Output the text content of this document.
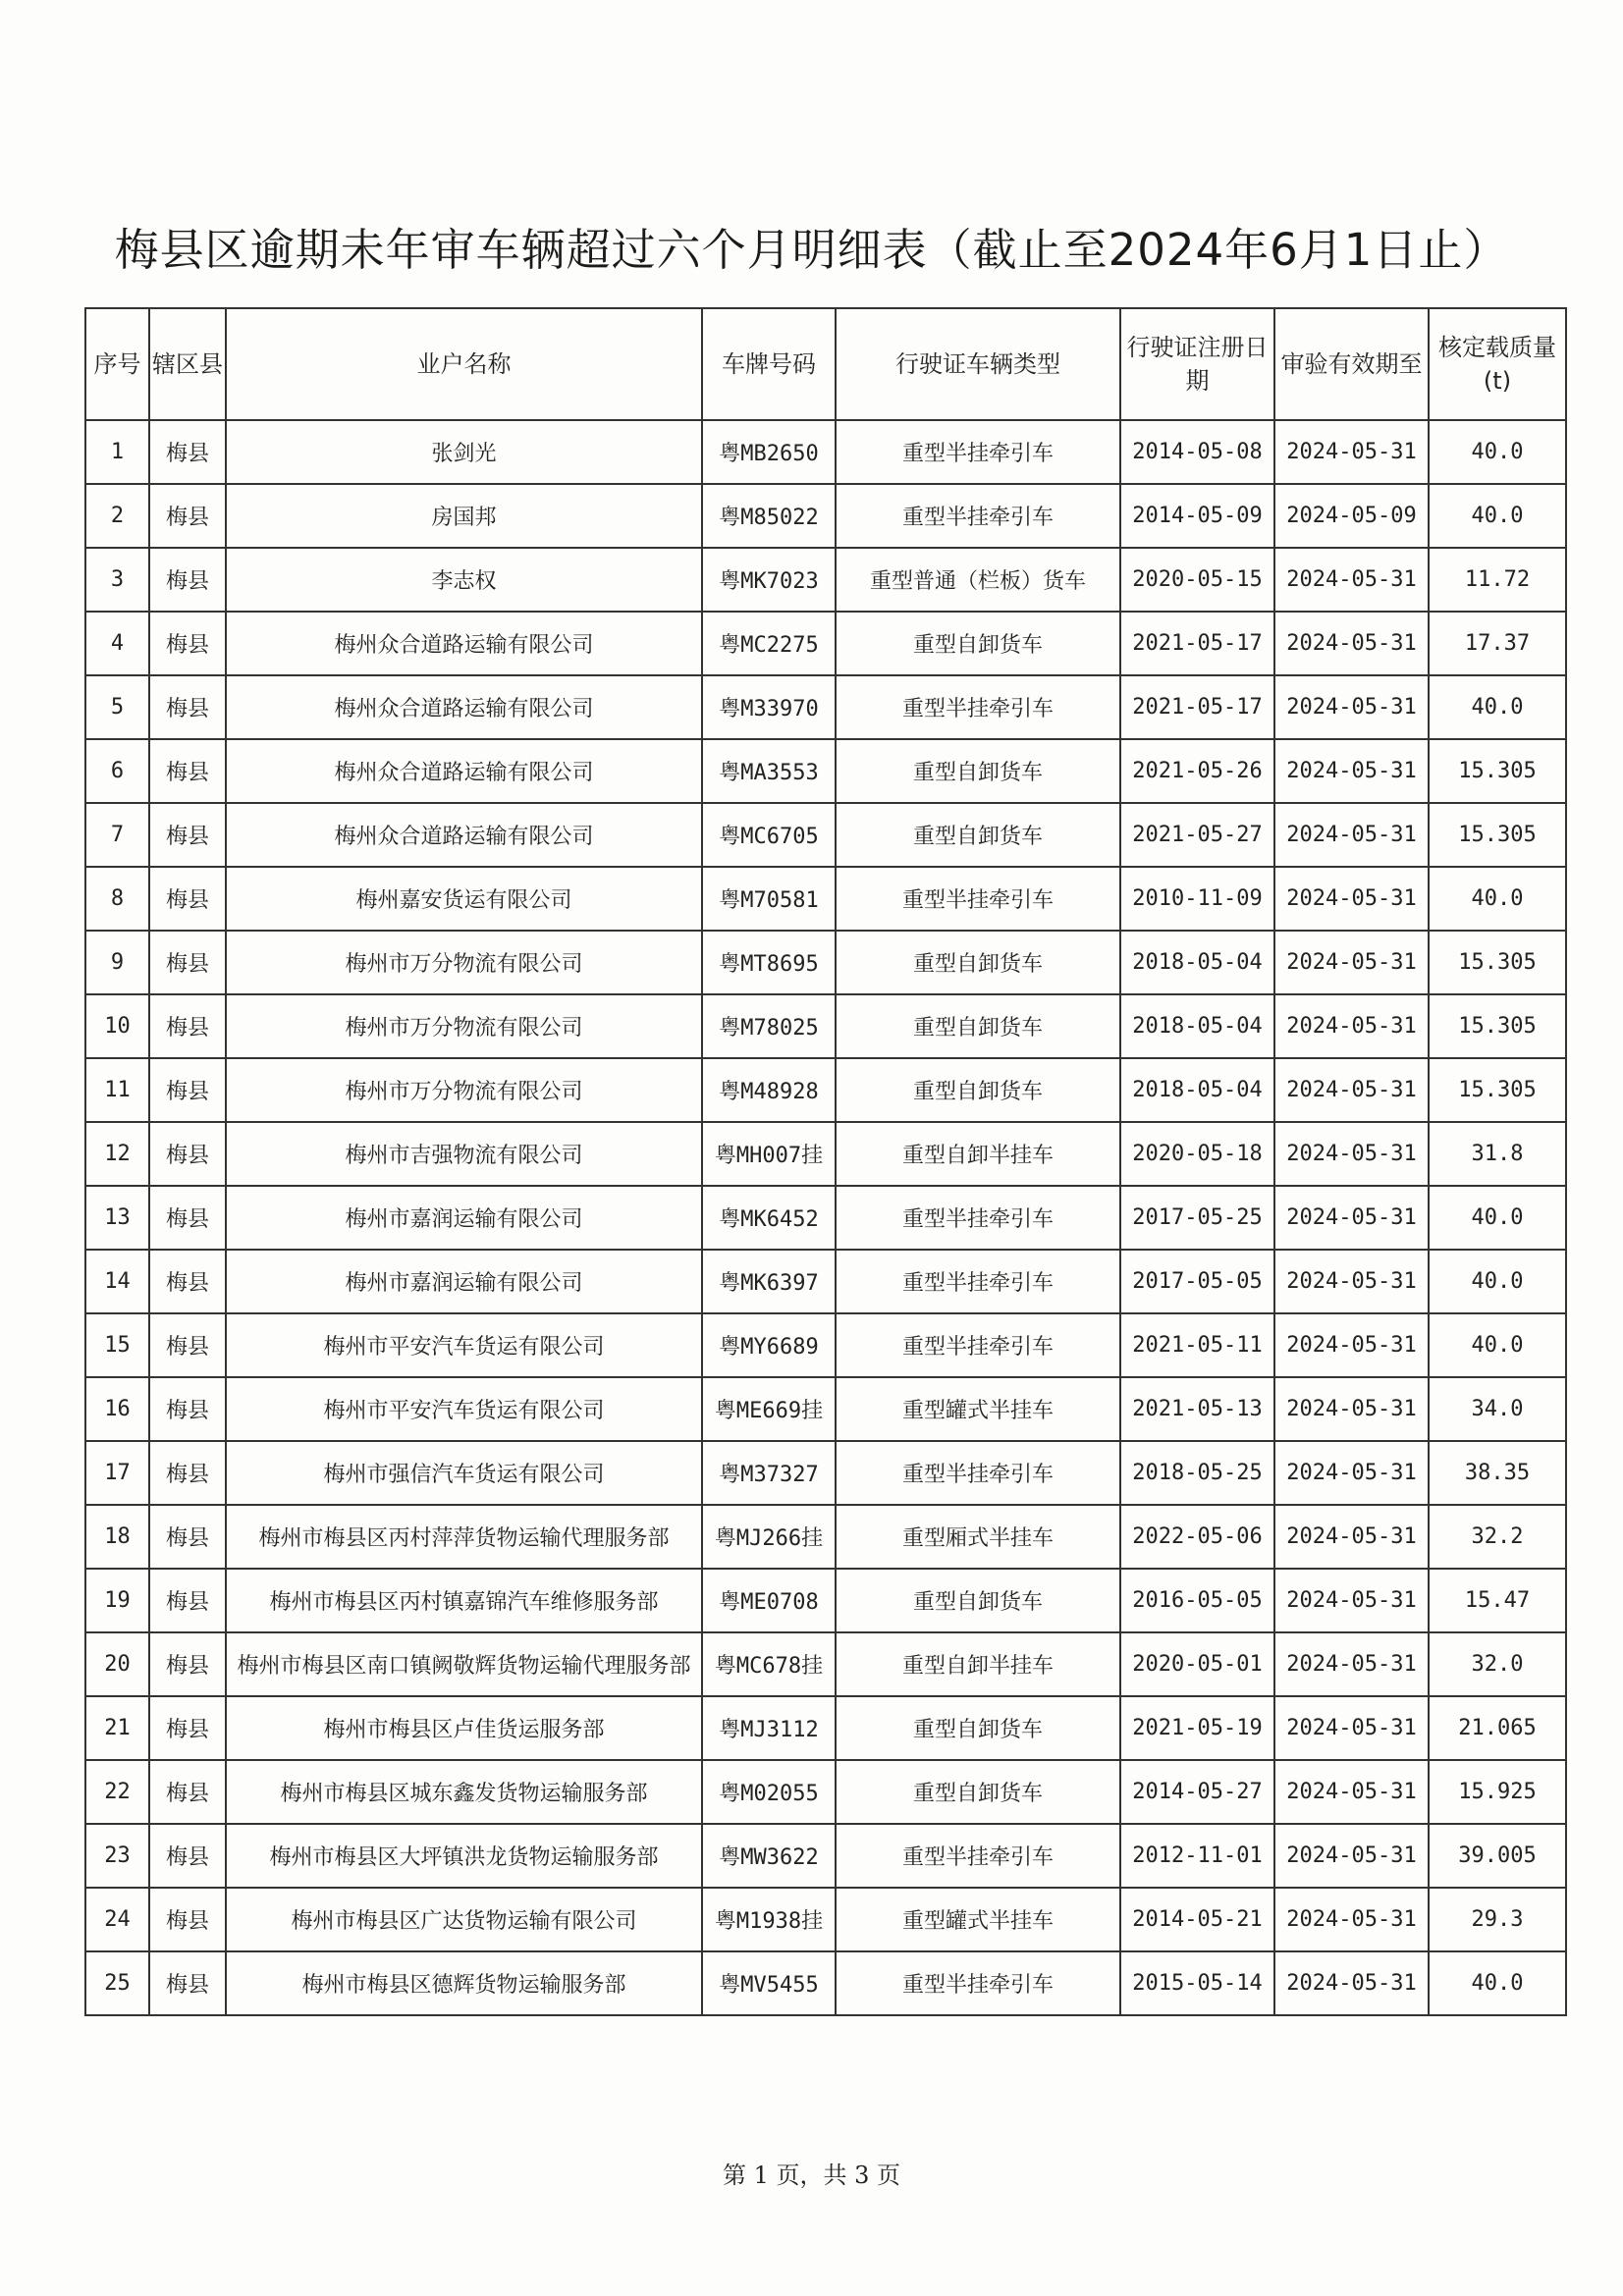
梅县区逾期未年审车辆超过六个月明细表（截止至2024年6月1日止）
序号	辖区县	业户名称	车牌号码	行驶证车辆类型	行驶证注册日期	审验有效期至	核定载质量(t)
1	梅县	张剑光	粤MB2650	重型半挂牵引车	2014-05-08	2024-05-31	40.0
2	梅县	房国邦	粤M85022	重型半挂牵引车	2014-05-09	2024-05-09	40.0
3	梅县	李志权	粤MK7023	重型普通（栏板）货车	2020-05-15	2024-05-31	11.72
4	梅县	梅州众合道路运输有限公司	粤MC2275	重型自卸货车	2021-05-17	2024-05-31	17.37
5	梅县	梅州众合道路运输有限公司	粤M33970	重型半挂牵引车	2021-05-17	2024-05-31	40.0
6	梅县	梅州众合道路运输有限公司	粤MA3553	重型自卸货车	2021-05-26	2024-05-31	15.305
7	梅县	梅州众合道路运输有限公司	粤MC6705	重型自卸货车	2021-05-27	2024-05-31	15.305
8	梅县	梅州嘉安货运有限公司	粤M70581	重型半挂牵引车	2010-11-09	2024-05-31	40.0
9	梅县	梅州市万分物流有限公司	粤MT8695	重型自卸货车	2018-05-04	2024-05-31	15.305
10	梅县	梅州市万分物流有限公司	粤M78025	重型自卸货车	2018-05-04	2024-05-31	15.305
11	梅县	梅州市万分物流有限公司	粤M48928	重型自卸货车	2018-05-04	2024-05-31	15.305
12	梅县	梅州市吉强物流有限公司	粤MH007挂	重型自卸半挂车	2020-05-18	2024-05-31	31.8
13	梅县	梅州市嘉润运输有限公司	粤MK6452	重型半挂牵引车	2017-05-25	2024-05-31	40.0
14	梅县	梅州市嘉润运输有限公司	粤MK6397	重型半挂牵引车	2017-05-05	2024-05-31	40.0
15	梅县	梅州市平安汽车货运有限公司	粤MY6689	重型半挂牵引车	2021-05-11	2024-05-31	40.0
16	梅县	梅州市平安汽车货运有限公司	粤ME669挂	重型罐式半挂车	2021-05-13	2024-05-31	34.0
17	梅县	梅州市强信汽车货运有限公司	粤M37327	重型半挂牵引车	2018-05-25	2024-05-31	38.35
18	梅县	梅州市梅县区丙村萍萍货物运输代理服务部	粤MJ266挂	重型厢式半挂车	2022-05-06	2024-05-31	32.2
19	梅县	梅州市梅县区丙村镇嘉锦汽车维修服务部	粤ME0708	重型自卸货车	2016-05-05	2024-05-31	15.47
20	梅县	梅州市梅县区南口镇阙敬辉货物运输代理服务部	粤MC678挂	重型自卸半挂车	2020-05-01	2024-05-31	32.0
21	梅县	梅州市梅县区卢佳货运服务部	粤MJ3112	重型自卸货车	2021-05-19	2024-05-31	21.065
22	梅县	梅州市梅县区城东鑫发货物运输服务部	粤M02055	重型自卸货车	2014-05-27	2024-05-31	15.925
23	梅县	梅州市梅县区大坪镇洪龙货物运输服务部	粤MW3622	重型半挂牵引车	2012-11-01	2024-05-31	39.005
24	梅县	梅州市梅县区广达货物运输有限公司	粤M1938挂	重型罐式半挂车	2014-05-21	2024-05-31	29.3
25	梅县	梅州市梅县区德辉货物运输服务部	粤MV5455	重型半挂牵引车	2015-05-14	2024-05-31	40.0
第 1 页，共 3 页
